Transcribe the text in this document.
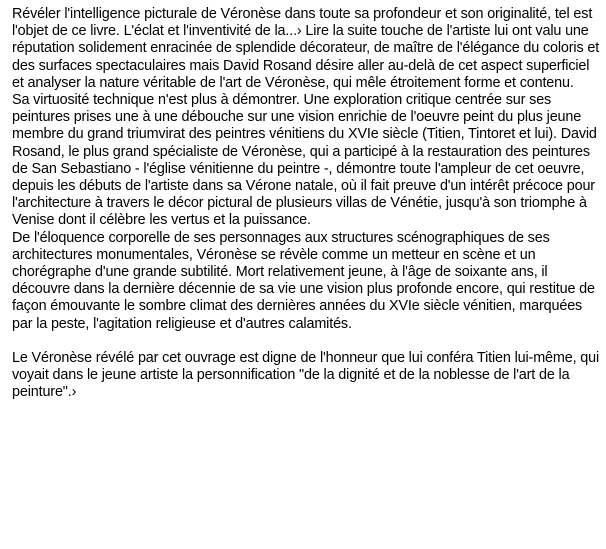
Révéler l'intelligence picturale de Véronèse dans toute sa profondeur et son originalité, tel est l'objet de ce livre. L'éclat et l'inventivité de la...› Lire la suite touche de l'artiste lui ont valu une réputation solidement enracinée de splendide décorateur, de maître de l'élégance du coloris et des surfaces spectaculaires mais David Rosand désire aller au-delà de cet aspect superficiel et analyser la nature véritable de l'art de Véronèse, qui mêle étroitement forme et contenu.

Sa virtuosité technique n'est plus à démontrer. Une exploration critique centrée sur ses peintures prises une à une débouche sur une vision enrichie de l'oeuvre peint du plus jeune membre du grand triumvirat des peintres vénitiens du XVIe siècle (Titien, Tintoret et lui). David Rosand, le plus grand spécialiste de Véronèse, qui a participé à la restauration des peintures de San Sebastiano - l'église vénitienne du peintre -, démontre toute l'ampleur de cet oeuvre, depuis les débuts de l'artiste dans sa Vérone natale, où il fait preuve d'un intérêt précoce pour l'architecture à travers le décor pictural de plusieurs villas de Vénétie, jusqu'à son triomphe à Venise dont il célèbre les vertus et la puissance.

De l'éloquence corporelle de ses personnages aux structures scénographiques de ses architectures monumentales, Véronèse se révèle comme un metteur en scène et un chorégraphe d'une grande subtilité. Mort relativement jeune, à l'âge de soixante ans, il découvre dans la dernière décennie de sa vie une vision plus profonde encore, qui restitue de façon émouvante le sombre climat des dernières années du XVIe siècle vénitien, marquées par la peste, l'agitation religieuse et d'autres calamités.

Le Véronèse révélé par cet ouvrage est digne de l'honneur que lui conféra Titien lui-même, qui voyait dans le jeune artiste la personnification "de la dignité et de la noblesse de l'art de la peinture".›
